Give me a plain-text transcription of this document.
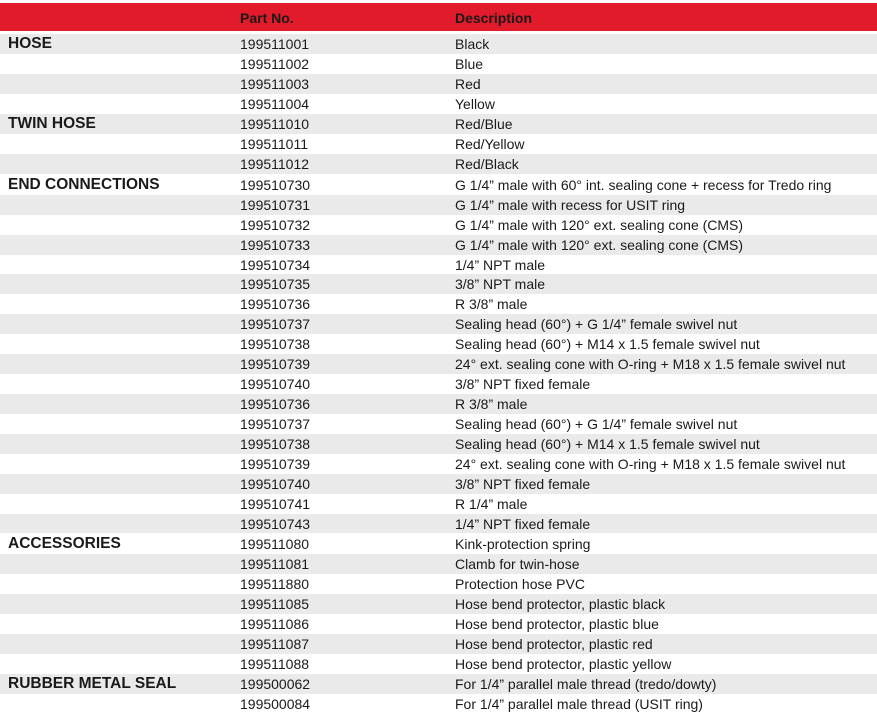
Part No.	Description
HOSE	199511001	Black
199511002	Blue
199511003	Red
199511004	Yellow
TWIN HOSE	199511010	Red/Blue
199511011	Red/Yellow
199511012	Red/Black
END CONNECTIONS	199510730	G 1/4” male with 60° int. sealing cone + recess for Tredo ring
199510731	G 1/4” male with recess for USIT ring
199510732	G 1/4” male with 120° ext. sealing cone (CMS)
199510733	G 1/4” male with 120° ext. sealing cone (CMS)
199510734	1/4” NPT male
199510735	3/8” NPT male
199510736	R 3/8” male
199510737	Sealing head (60°) + G 1/4” female swivel nut
199510738	Sealing head (60°) + M14 x 1.5 female swivel nut
199510739	24° ext. sealing cone with O-ring + M18 x 1.5 female swivel nut
199510740	3/8” NPT fixed female
199510736	R 3/8” male
199510737	Sealing head (60°) + G 1/4” female swivel nut
199510738	Sealing head (60°) + M14 x 1.5 female swivel nut
199510739	24° ext. sealing cone with O-ring + M18 x 1.5 female swivel nut
199510740	3/8” NPT fixed female
199510741	R 1/4” male
199510743	1/4” NPT fixed female
ACCESSORIES	199511080	Kink-protection spring
199511081	Clamb for twin-hose
199511880	Protection hose PVC
199511085	Hose bend protector, plastic black
199511086	Hose bend protector, plastic blue
199511087	Hose bend protector, plastic red
199511088	Hose bend protector, plastic yellow
RUBBER METAL SEAL	199500062	For 1/4” parallel male thread (tredo/dowty)
199500084	For 1/4” parallel male thread (USIT ring)
